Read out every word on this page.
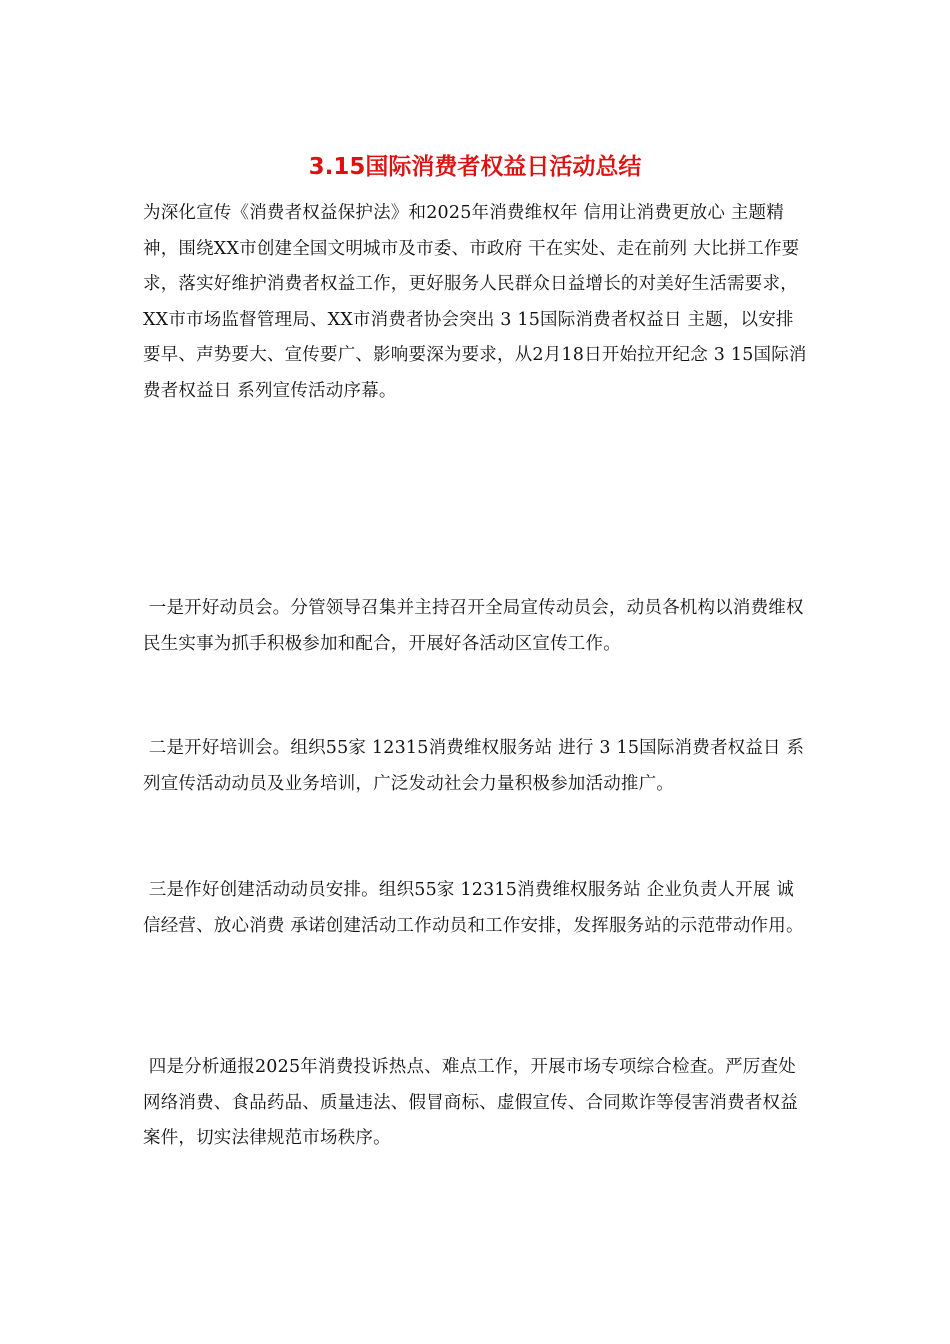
3.15国际消费者权益日活动总结

为深化宣传《消费者权益保护法》和2025年消费维权年 信用让消费更放心 主题精神，围绕XX市创建全国文明城市及市委、市政府 干在实处、走在前列 大比拼工作要求，落实好维护消费者权益工作，更好服务人民群众日益增长的对美好生活需要求，XX市市场监督管理局、XX市消费者协会突出 3 15国际消费者权益日 主题，以安排要早、声势要大、宣传要广、影响要深为要求，从2月18日开始拉开纪念 3 15国际消费者权益日 系列宣传活动序幕。

一是开好动员会。分管领导召集并主持召开全局宣传动员会，动员各机构以消费维权民生实事为抓手积极参加和配合，开展好各活动区宣传工作。

二是开好培训会。组织55家 12315消费维权服务站 进行 3 15国际消费者权益日 系列宣传活动动员及业务培训，广泛发动社会力量积极参加活动推广。

三是作好创建活动动员安排。组织55家 12315消费维权服务站 企业负责人开展 诚信经营、放心消费 承诺创建活动工作动员和工作安排，发挥服务站的示范带动作用。

四是分析通报2025年消费投诉热点、难点工作，开展市场专项综合检查。严厉查处网络消费、食品药品、质量违法、假冒商标、虚假宣传、合同欺诈等侵害消费者权益案件，切实法律规范市场秩序。
